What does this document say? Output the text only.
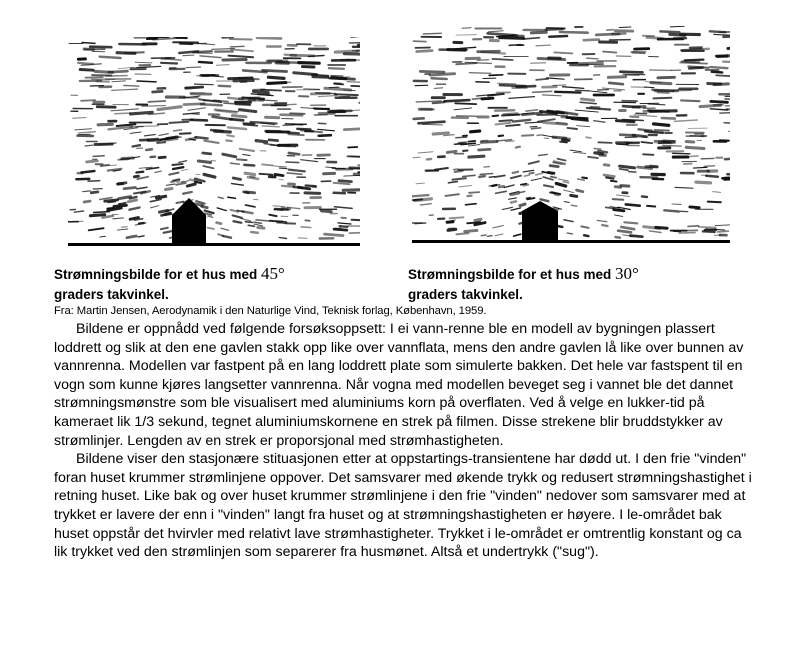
Strømningsbilde for et hus med 45°
graders takvinkel.
Strømningsbilde for et hus med 30°
graders takvinkel.
Fra: Martin Jensen, Aerodynamik i den Naturlige Vind, Teknisk forlag, København, 1959.

Bildene er oppnådd ved følgende forsøksoppsett: I ei vann-renne ble en modell av bygningen plassert loddrett og slik at den ene gavlen stakk opp like over vannflata, mens den andre gavlen lå like over bunnen av vannrenna. Modellen var fastpent på en lang loddrett plate som simulerte bakken. Det hele var fastspent til en vogn som kunne kjøres langsetter vannrenna. Når vogna med modellen beveget seg i vannet ble det dannet strømningsmønstre som ble visualisert med aluminiums korn på overflaten. Ved å velge en lukker-tid på kameraet lik 1/3 sekund, tegnet aluminiumskornene en strek på filmen. Disse strekene blir bruddstykker av strømlinjer. Lengden av en strek er proporsjonal med strømhastigheten.

Bildene viser den stasjonære stituasjonen etter at oppstartings-transientene har dødd ut. I den frie "vinden" foran huset krummer strømlinjene oppover. Det samsvarer med økende trykk og redusert strømningshastighet i retning huset. Like bak og over huset krummer strømlinjene i den frie "vinden" nedover som samsvarer med at trykket er lavere der enn i "vinden" langt fra huset og at strømningshastigheten er høyere. I le-området bak huset oppstår det hvirvler med relativt lave strømhastigheter. Trykket i le-området er omtrentlig konstant og ca lik trykket ved den strømlinjen som separerer fra husmønet. Altså et undertrykk ("sug").
